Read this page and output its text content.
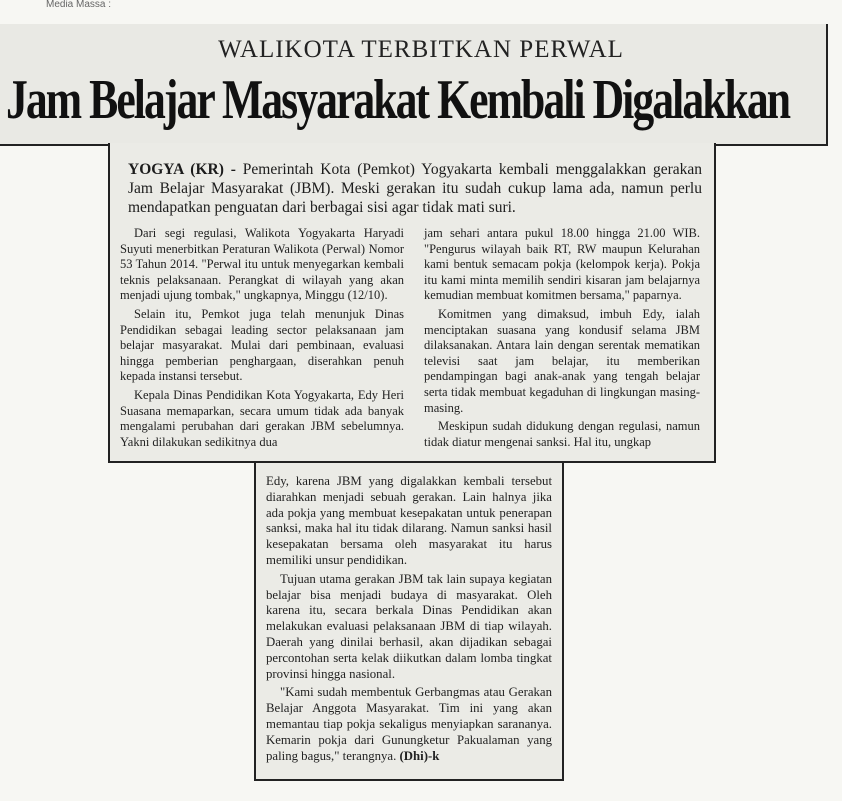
Media Massa :
WALIKOTA TERBITKAN PERWAL
Jam Belajar Masyarakat Kembali Digalakkan
YOGYA (KR) - Pemerintah Kota (Pemkot) Yogyakarta kembali menggalakkan gerakan Jam Belajar Masyarakat (JBM). Meski gerakan itu sudah cukup lama ada, namun perlu mendapatkan penguatan dari berbagai sisi agar tidak mati suri.

Dari segi regulasi, Walikota Yogyakarta Haryadi Suyuti menerbitkan Peraturan Walikota (Perwal) Nomor 53 Tahun 2014. "Perwal itu untuk menyegarkan kembali teknis pelaksanaan. Perangkat di wilayah yang akan menjadi ujung tombak," ungkapnya, Minggu (12/10).

Selain itu, Pemkot juga telah menunjuk Dinas Pendidikan sebagai leading sector pelaksanaan jam belajar masyarakat. Mulai dari pembinaan, evaluasi hingga pemberian penghargaan, diserahkan penuh kepada instansi tersebut.

Kepala Dinas Pendidikan Kota Yogyakarta, Edy Heri Suasana memaparkan, secara umum tidak ada banyak mengalami perubahan dari gerakan JBM sebelumnya. Yakni dilakukan sedikitnya dua

jam sehari antara pukul 18.00 hingga 21.00 WIB. "Pengurus wilayah baik RT, RW maupun Kelurahan kami bentuk semacam pokja (kelompok kerja). Pokja itu kami minta memilih sendiri kisaran jam belajarnya kemudian membuat komitmen bersama," paparnya.

Komitmen yang dimaksud, imbuh Edy, ialah menciptakan suasana yang kondusif selama JBM dilaksanakan. Antara lain dengan serentak mematikan televisi saat jam belajar, itu memberikan pendampingan bagi anak-anak yang tengah belajar serta tidak membuat kegaduhan di lingkungan masing-masing.

Meskipun sudah didukung dengan regulasi, namun tidak diatur mengenai sanksi. Hal itu, ungkap

Edy, karena JBM yang digalakkan kembali tersebut diarahkan menjadi sebuah gerakan. Lain halnya jika ada pokja yang membuat kesepakatan untuk penerapan sanksi, maka hal itu tidak dilarang. Namun sanksi hasil kesepakatan bersama oleh masyarakat itu harus memiliki unsur pendidikan.

Tujuan utama gerakan JBM tak lain supaya kegiatan belajar bisa menjadi budaya di masyarakat. Oleh karena itu, secara berkala Dinas Pendidikan akan melakukan evaluasi pelaksanaan JBM di tiap wilayah. Daerah yang dinilai berhasil, akan dijadikan sebagai percontohan serta kelak diikutkan dalam lomba tingkat provinsi hingga nasional.

"Kami sudah membentuk Gerbangmas atau Gerakan Belajar Anggota Masyarakat. Tim ini yang akan memantau tiap pokja sekaligus menyiapkan sarananya. Kemarin pokja dari Gunungketur Pakualaman yang paling bagus," terangnya. (Dhi)-k
